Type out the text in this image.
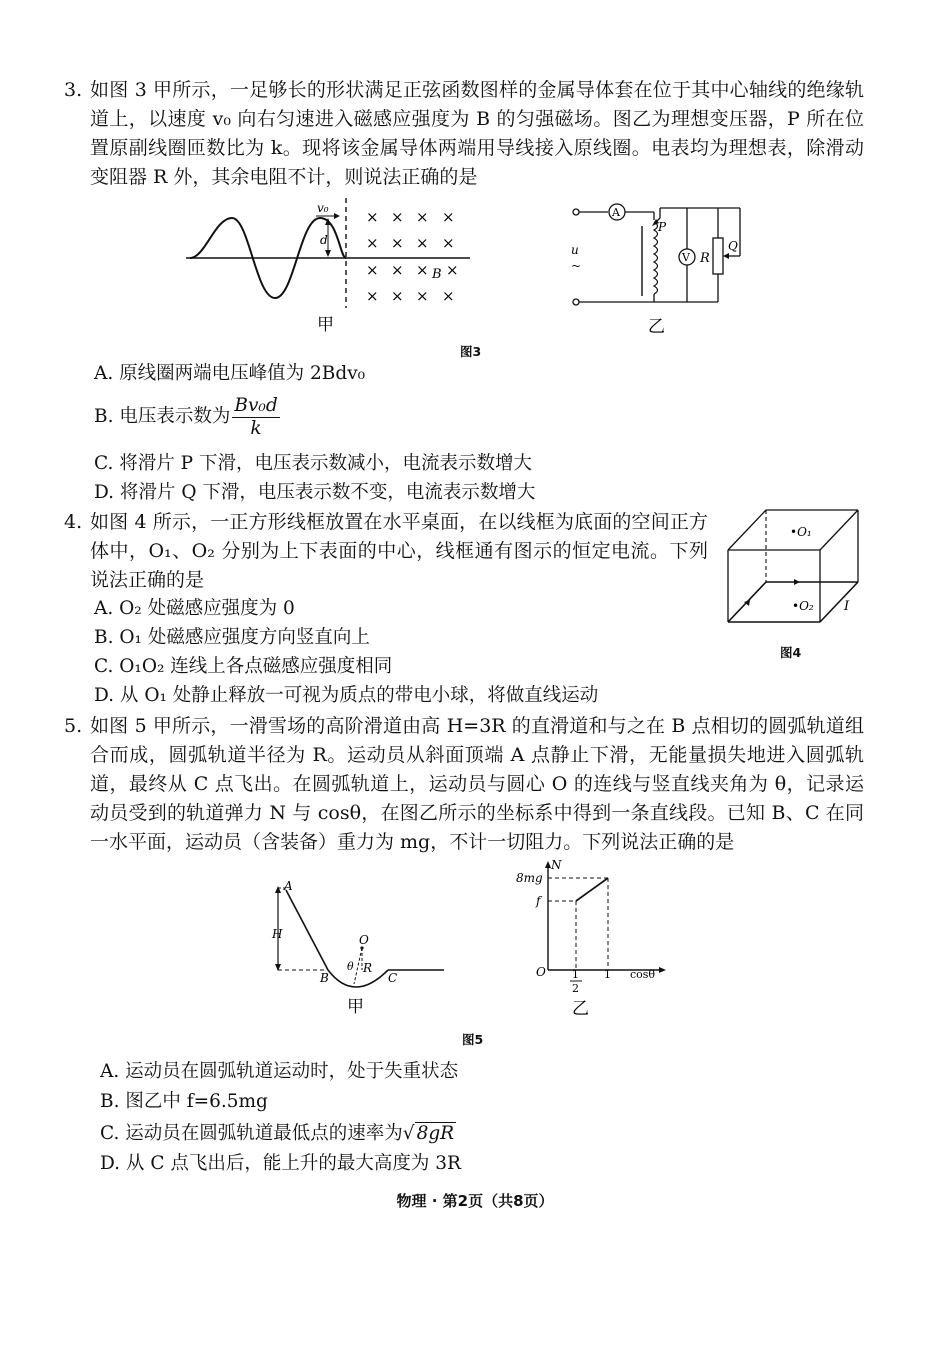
3. 如图 3 甲所示，一足够长的形状满足正弦函数图样的金属导体套在位于其中心轴线的绝缘轨道上，以速度 v₀ 向右匀速进入磁感应强度为 B 的匀强磁场。图乙为理想变压器，P 所在位置原副线圈匝数比为 k。现将该金属导体两端用导线接入原线圈。电表均为理想表，除滑动变阻器 R 外，其余电阻不计，则说法正确的是
d
v₀ × × × ×
× × × ×
× × × ×
× × × ×
B
甲
A
P
V R
Q
u
~
乙
图3
A. 原线圈两端电压峰值为 2Bdv₀
B. 电压表示数为 $\frac{\text{Bv₀d}}{k}$
C. 将滑片 P 下滑，电压表示数减小，电流表示数增大
D. 将滑片 Q 下滑，电压表示数不变，电流表示数增大
4. 如图 4 所示，一正方形线框放置在水平桌面，在以线框为底面的空间正方体中，O₁、O₂ 分别为上下表面的中心，线框通有图示的恒定电流。下列说法正确的是
A. O₂ 处磁感应强度为 0
B. O₁ 处磁感应强度方向竖直向上
C. O₁O₂ 连线上各点磁感应强度相同
D. 从 O₁ 处静止释放一可视为质点的带电小球，将做直线运动
•O₁
•O₂ I
图4
5. 如图 5 甲所示，一滑雪场的高阶滑道由高 H=3R 的直滑道和与之在 B 点相切的圆弧轨道组合而成，圆弧轨道半径为 R。运动员从斜面顶端 A 点静止下滑，无能量损失地进入圆弧轨道，最终从 C 点飞出。在圆弧轨道上，运动员与圆心 O 的连线与竖直线夹角为 θ，记录运动员受到的轨道弹力 N 与 cosθ，在图乙所示的坐标系中得到一条直线段。已知 B、C 在同一水平面，运动员（含装备）重力为 mg，不计一切阻力。下列说法正确的是
H
A
O
θ R
B	C
甲
N
8mg
f
O 1
2
1 cosθ
乙
图5
A. 运动员在圆弧轨道运动时，处于失重状态
B. 图乙中 f=6.5mg
C. 运动员在圆弧轨道最低点的速率为√ 8gR
D. 从 C 点飞出后，能上升的最大高度为 3R
物理 · 第2页（共8页）
